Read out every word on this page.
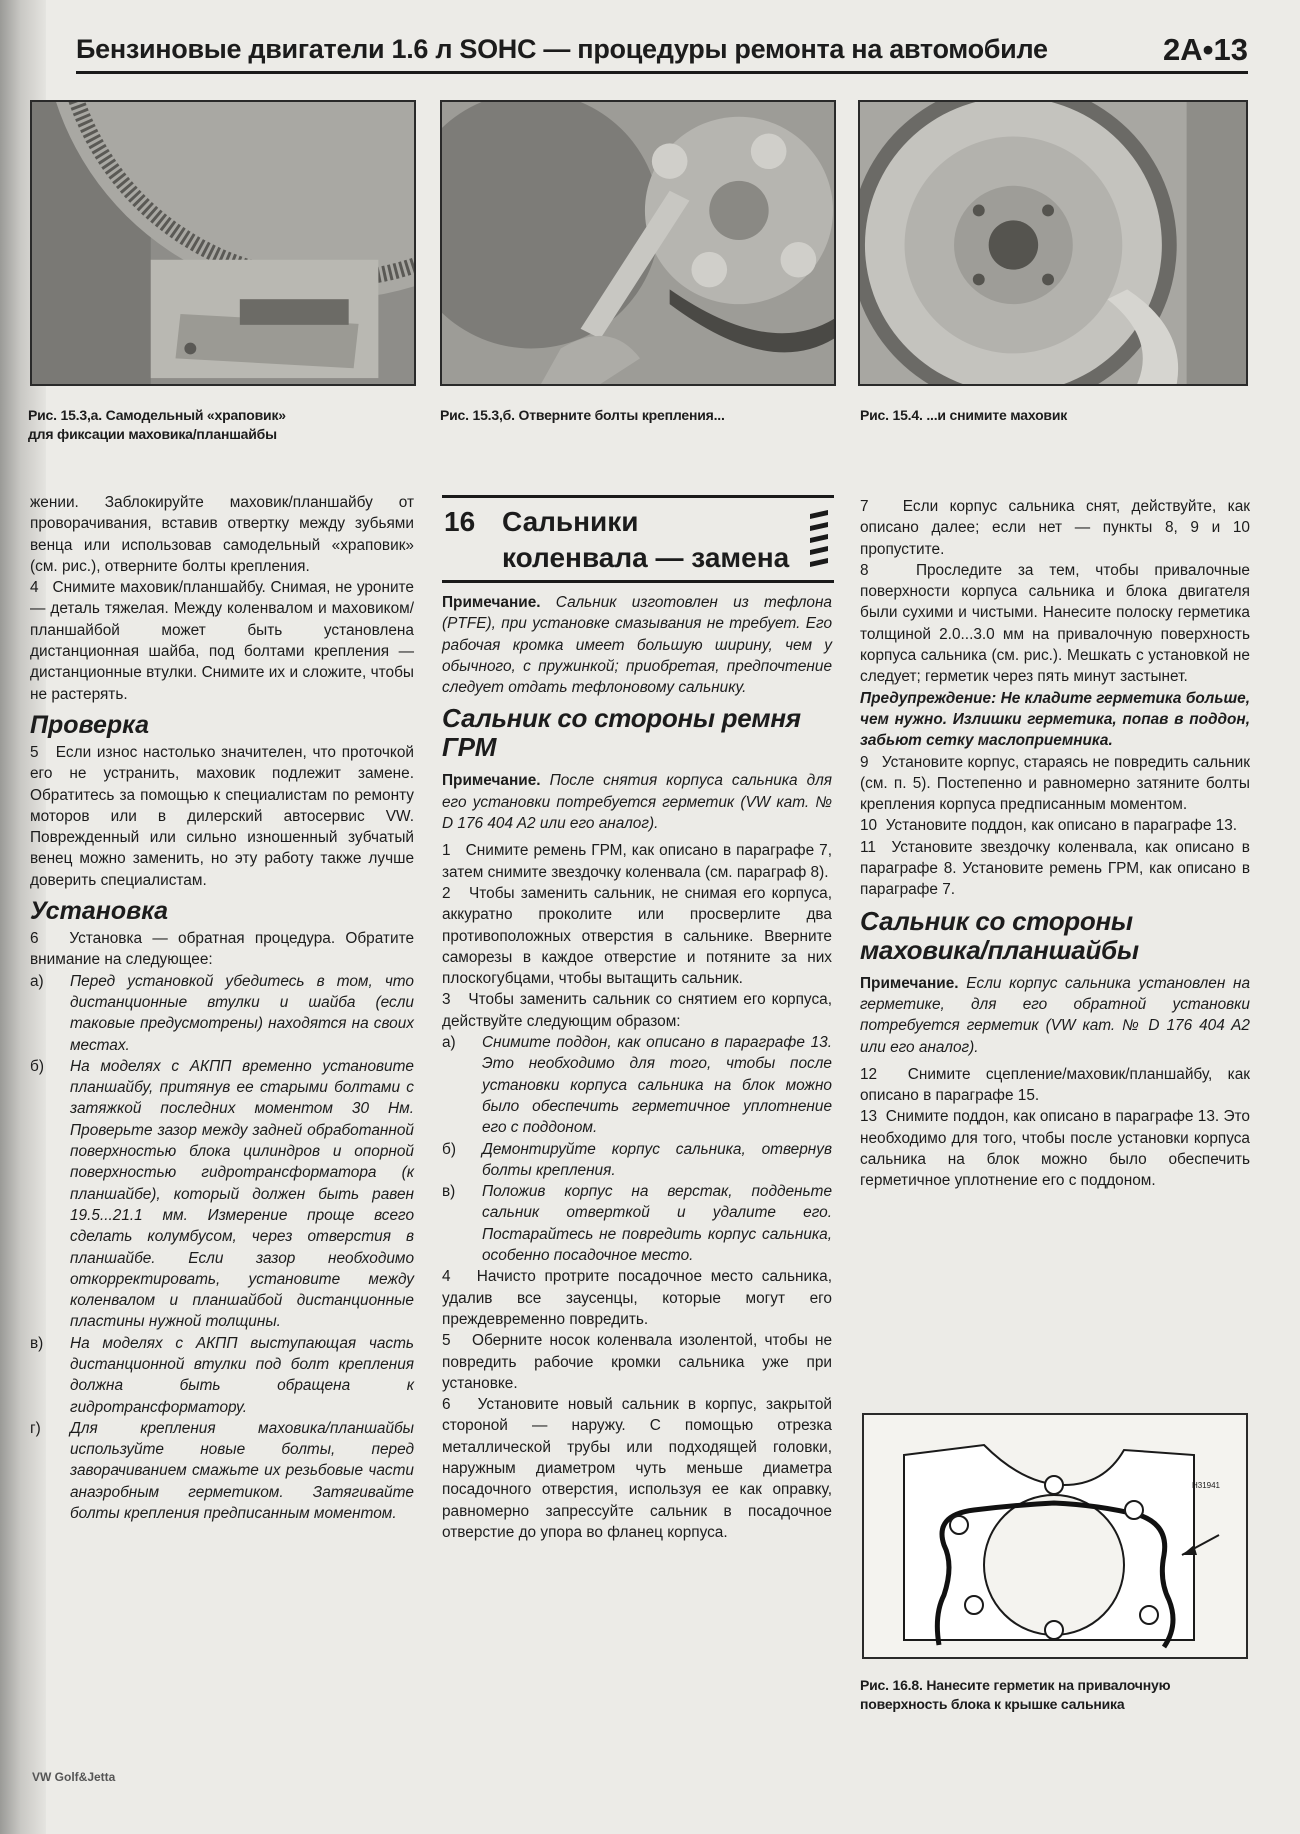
Бензиновые двигатели 1.6 л SOHC — процедуры ремонта на автомобиле	2A•13
Рис. 15.3,а. Самодельный «храповик»
для фиксации маховика/планшайбы
Рис. 15.3,б. Отверните болты крепления...	Рис. 15.4. ...и снимите маховик

жении. Заблокируйте маховик/планшайбу от проворачивания, вставив отвертку между зубьями венца или использовав самодельный «храповик» (см. рис.), отверните болты крепления.

4 Снимите маховик/планшайбу. Снимая, не уроните — деталь тяжелая. Между коленвалом и маховиком/планшайбой может быть установлена дистанционная шайба, под болтами крепления — дистанционные втулки. Снимите их и сложите, чтобы не растерять.

Проверка

5 Если износ настолько значителен, что проточкой его не устранить, маховик подлежит замене. Обратитесь за помощью к специалистам по ремонту моторов или в дилерский автосервис VW. Поврежденный или сильно изношенный зубчатый венец можно заменить, но эту работу также лучше доверить специалистам.

Установка

6 Установка — обратная процедура. Обратите внимание на следующее:

а) Перед установкой убедитесь в том, что дистанционные втулки и шайба (если таковые предусмотрены) находятся на своих местах.
б) На моделях с АКПП временно установите планшайбу, притянув ее старыми болтами с затяжкой последних моментом 30 Нм. Проверьте зазор между задней обработанной поверхностью блока цилиндров и опорной поверхностью гидротрансформатора (к планшайбе), который должен быть равен 19.5...21.1 мм. Измерение проще всего сделать колумбусом, через отверстия в планшайбе. Если зазор необходимо откорректировать, установите между коленвалом и планшайбой дистанционные пластины нужной толщины.
в) На моделях с АКПП выступающая часть дистанционной втулки под болт крепления должна быть обращена к гидротрансформатору.
г) Для крепления маховика/планшайбы используйте новые болты, перед заворачиванием смажьте их резьбовые части анаэробным герметиком. Затягивайте болты крепления предписанным моментом.
16 Сальники
коленвала — замена

Примечание. Сальник изготовлен из тефлона (PTFE), при установке смазывания не требует. Его рабочая кромка имеет большую ширину, чем у обычного, с пружинкой; приобретая, предпочтение следует отдать тефлоновому сальнику.

Сальник со стороны ремня ГРМ

Примечание. После снятия корпуса сальника для его установки потребуется герметик (VW кат. № D 176 404 A2 или его аналог).

1 Снимите ремень ГРМ, как описано в параграфе 7, затем снимите звездочку коленвала (см. параграф 8).

2 Чтобы заменить сальник, не снимая его корпуса, аккуратно проколите или просверлите два противоположных отверстия в сальнике. Вверните саморезы в каждое отверстие и потяните за них плоскогубцами, чтобы вытащить сальник.

3 Чтобы заменить сальник со снятием его корпуса, действуйте следующим образом:

а) Снимите поддон, как описано в параграфе 13. Это необходимо для того, чтобы после установки корпуса сальника на блок можно было обеспечить герметичное уплотнение его с поддоном.
б) Демонтируйте корпус сальника, отвернув болты крепления.
в) Положив корпус на верстак, подденьте сальник отверткой и удалите его. Постарайтесь не повредить корпус сальника, особенно посадочное место.

4 Начисто протрите посадочное место сальника, удалив все заусенцы, которые могут его преждевременно повредить.

5 Оберните носок коленвала изолентой, чтобы не повредить рабочие кромки сальника уже при установке.

6 Установите новый сальник в корпус, закрытой стороной — наружу. С помощью отрезка металлической трубы или подходящей головки, наружным диаметром чуть меньше диаметра посадочного отверстия, используя ее как оправку, равномерно запрессуйте сальник в посадочное отверстие до упора во фланец корпуса.

7 Если корпус сальника снят, действуйте, как описано далее; если нет — пункты 8, 9 и 10 пропустите.

8	Проследите за тем, чтобы привалочные поверхности корпуса сальника и блока двигателя были сухими и чистыми. Нанесите полоску герметика толщиной 2.0...3.0 мм на привалочную поверхность корпуса сальника (см. рис.). Мешкать с установкой не следует; герметик через пять минут застынет.

Предупреждение: Не кладите герметика больше, чем нужно. Излишки герметика, попав в поддон, забьют сетку маслоприемника.

9 Установите корпус, стараясь не повредить сальник (см. п. 5). Постепенно и равномерно затяните болты крепления корпуса предписанным моментом.

10 Установите поддон, как описано в параграфе 13.

11 Установите звездочку коленвала, как описано в параграфе 8. Установите ремень ГРМ, как описано в параграфе 7.

Сальник со стороны маховика/планшайбы

Примечание. Если корпус сальника установлен на герметике, для его обратной установки потребуется герметик (VW кат. № D 176 404 A2 или его аналог).

12 Снимите сцепление/маховик/планшайбу, как описано в параграфе 15.

13 Снимите поддон, как описано в параграфе 13. Это необходимо для того, чтобы после установки корпуса сальника на блок можно было обеспечить герметичное уплотнение его с поддоном.

H31941
Рис. 16.8. Нанесите герметик на привалочную
поверхность блока к крышке сальника
VW Golf&Jetta
